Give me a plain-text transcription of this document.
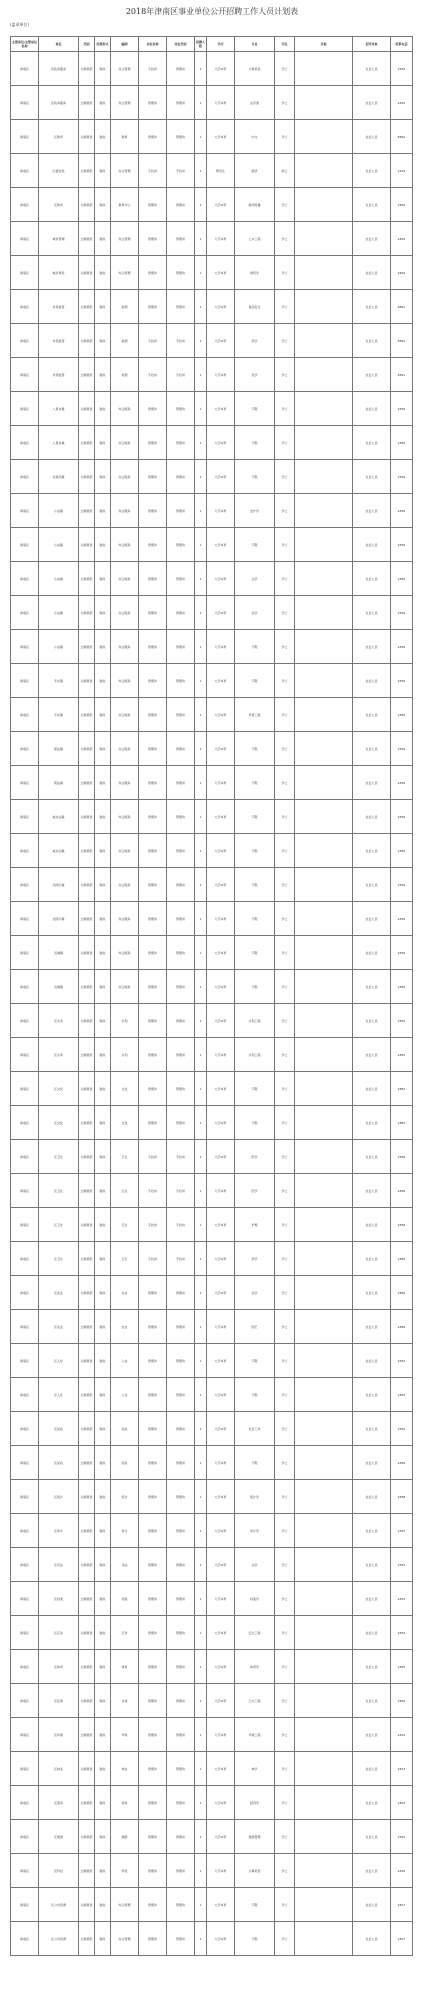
2018年津南区事业单位公开招聘工作人员计划表
(盖章单位)
主管单位/主管单位名称	单位	类别	经费形式	编制	岗位名称	岗位类别	招聘人数	学历	专业	学位	其他	招考对象	联系电话
津南区	区政务服务	全额拨款	财政	综合管理	专技岗	管理岗	1	大学本科	计算机类	学士		社会人员	2832
津南区	区政务服务	全额拨款	财政	综合管理	管理岗	管理岗	1	大学本科	法学类	学士		社会人员	2832
津南区	区教育	全额拨款	财政	教育	管理岗	管理岗	1	大学本科	中文	学士		社会人员	8891
津南区	区委党校	全额拨款	财政	综合管理	专技岗	专技岗	1	研究生	经济	硕士		社会人员	2619
津南区	区教育	全额拨款	财政	教育中心	管理岗	管理岗	1	大学本科	新闻传播	学士		社会人员	2809
津南区	城市管理	全额拨款	财政	综合管理	管理岗	管理岗	1	大学本科	土木工程	学士		社会人员	2809
津南区	城乡建设	全额拨款	财政	综合管理	管理岗	管理岗	1	大学本科	建筑学	学士		社会人员	2809
津南区	市场监管	全额拨款	财政	检测	管理岗	管理岗	1	大学本科	食品安全	学士		社会人员	8891
津南区	市场监管	全额拨款	财政	检测	专技岗	专技岗	1	大学本科	药学	学士		社会人员	8891
津南区	市场监管	全额拨款	财政	检测	专技岗	专技岗	1	大学本科	化学	学士		社会人员	8891
津南区	八里台镇	全额拨款	财政	综合服务	管理岗	管理岗	1	大学本科	不限	学士		社会人员	2839
津南区	八里台镇	全额拨款	财政	综合服务	管理岗	管理岗	1	大学本科	不限	学士		社会人员	2839
津南区	双桥河镇	全额拨款	财政	综合服务	管理岗	管理岗	1	大学本科	不限	学士		社会人员	2839
津南区	小站镇	全额拨款	财政	综合服务	管理岗	管理岗	1	大学本科	会计学	学士		社会人员	2839
津南区	小站镇	全额拨款	财政	综合服务	管理岗	管理岗	1	大学本科	不限	学士		社会人员	2839
津南区	小站镇	全额拨款	财政	综合服务	管理岗	管理岗	1	大学本科	法学	学士		社会人员	2839
津南区	小站镇	全额拨款	财政	综合服务	管理岗	管理岗	1	大学本科	农学	学士		社会人员	2839
津南区	小站镇	全额拨款	财政	综合服务	管理岗	管理岗	1	大学本科	不限	学士		社会人员	2839
津南区	辛庄镇	全额拨款	财政	综合服务	管理岗	管理岗	1	大学本科	不限	学士		社会人员	2839
津南区	辛庄镇	全额拨款	财政	综合服务	管理岗	管理岗	1	大学本科	环境工程	学士		社会人员	2839
津南区	葛沽镇	全额拨款	财政	综合服务	管理岗	管理岗	1	大学本科	不限	学士		社会人员	2839
津南区	葛沽镇	全额拨款	财政	综合服务	管理岗	管理岗	1	大学本科	不限	学士		社会人员	2839
津南区	咸水沽镇	全额拨款	财政	综合服务	管理岗	管理岗	1	大学本科	不限	学士		社会人员	2839
津南区	咸水沽镇	全额拨款	财政	综合服务	管理岗	管理岗	1	大学本科	不限	学士		社会人员	2839
津南区	北闸口镇	全额拨款	财政	综合服务	管理岗	管理岗	1	大学本科	不限	学士		社会人员	2839
津南区	北闸口镇	全额拨款	财政	综合服务	管理岗	管理岗	1	大学本科	不限	学士		社会人员	2839
津南区	双港镇	全额拨款	财政	综合服务	管理岗	管理岗	1	大学本科	不限	学士		社会人员	2839
津南区	双港镇	全额拨款	财政	综合服务	管理岗	管理岗	1	大学本科	不限	学士		社会人员	2839
津南区	区水务	全额拨款	财政	水利	管理岗	管理岗	1	大学本科	水利工程	学士		社会人员	2855
津南区	区水务	全额拨款	财政	水利	管理岗	管理岗	1	大学本科	水利工程	学士		社会人员	2855
津南区	区文化	全额拨款	财政	文化	管理岗	管理岗	1	大学本科	不限	学士		社会人员	2881
津南区	区文化	全额拨款	财政	文化	管理岗	管理岗	1	大学本科	不限	学士		社会人员	2881
津南区	区卫生	全额拨款	财政	卫生	专技岗	专技岗	1	大学本科	医学	学士		社会人员	2836
津南区	区卫生	全额拨款	财政	卫生	专技岗	专技岗	1	大学本科	医学	学士		社会人员	2836
津南区	区卫生	全额拨款	财政	卫生	专技岗	专技岗	1	大学本科	护理	学士		社会人员	2836
津南区	区卫生	全额拨款	财政	卫生	专技岗	专技岗	1	大学本科	药学	学士		社会人员	2836
津南区	区农业	全额拨款	财政	农业	管理岗	管理岗	1	大学本科	农学	学士		社会人员	2869
津南区	区农业	全额拨款	财政	农业	管理岗	管理岗	1	大学本科	园艺	学士		社会人员	2869
津南区	区人社	全额拨款	财政	人社	管理岗	管理岗	1	大学本科	不限	学士		社会人员	2832
津南区	区人社	全额拨款	财政	人社	管理岗	管理岗	1	大学本科	不限	学士		社会人员	2832
津南区	区民政	全额拨款	财政	民政	管理岗	管理岗	1	大学本科	社会工作	学士		社会人员	2830
津南区	区民政	全额拨款	财政	民政	管理岗	管理岗	1	大学本科	不限	学士		社会人员	2830
津南区	区统计	全额拨款	财政	统计	管理岗	管理岗	1	大学本科	统计学	学士		社会人员	2838
津南区	区审计	全额拨款	财政	审计	管理岗	管理岗	1	大学本科	审计学	学士		社会人员	2837
津南区	区司法	全额拨款	财政	司法	管理岗	管理岗	1	大学本科	法学	学士		社会人员	2831
津南区	区档案	全额拨款	财政	档案	管理岗	管理岗	1	大学本科	档案学	学士		社会人员	2833
津南区	区应急	全额拨款	财政	应急	管理岗	管理岗	1	大学本科	安全工程	学士		社会人员	2834
津南区	区体育	全额拨款	财政	体育	管理岗	管理岗	1	大学本科	体育学	学士		社会人员	2835
津南区	区住建	全额拨款	财政	住建	管理岗	管理岗	1	大学本科	土木工程	学士		社会人员	2809
津南区	区环保	全额拨款	财政	环保	管理岗	管理岗	1	大学本科	环境工程	学士		社会人员	2812
津南区	区林业	全额拨款	财政	林业	管理岗	管理岗	1	大学本科	林学	学士		社会人员	2813
津南区	区商务	全额拨款	财政	商务	管理岗	管理岗	1	大学本科	经济学	学士		社会人员	2814
津南区	区旅游	全额拨款	财政	旅游	管理岗	管理岗	1	大学本科	旅游管理	学士		社会人员	2815
津南区	区科技	全额拨款	财政	科技	管理岗	管理岗	1	大学本科	计算机类	学士		社会人员	2816
津南区	区公共资源	全额拨款	财政	综合管理	管理岗	管理岗	1	大学本科	不限	学士		社会人员	2817
津南区	区公共资源	全额拨款	财政	综合管理	管理岗	管理岗	1	大学本科	不限	学士		社会人员	2817
